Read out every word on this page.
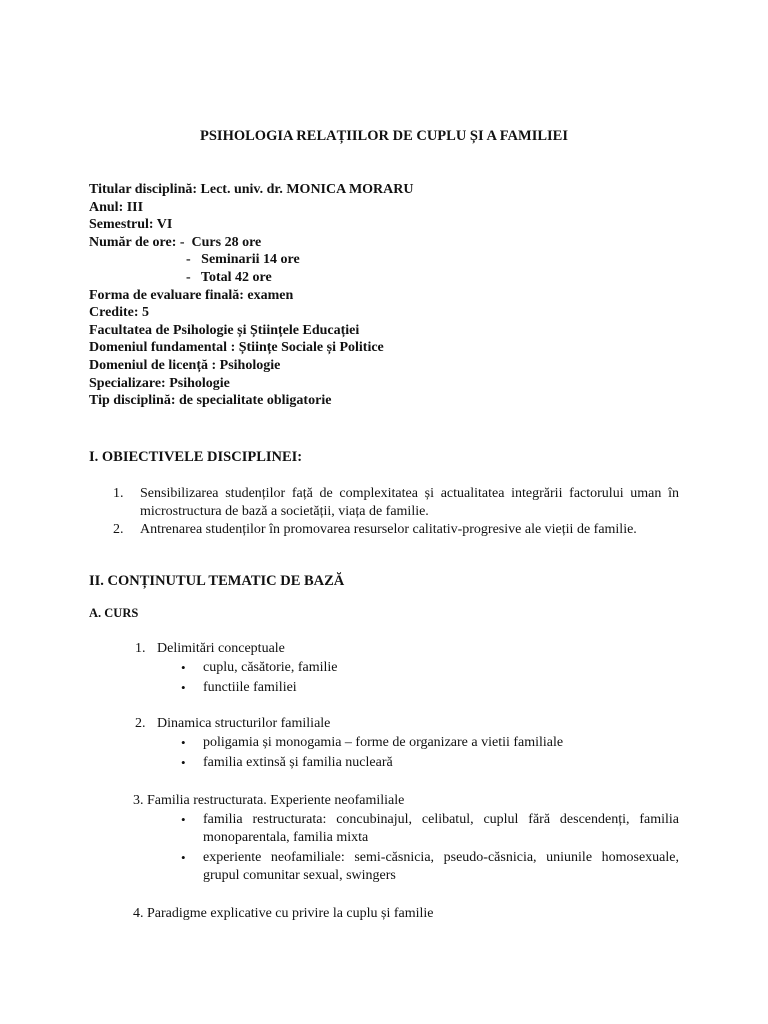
PSIHOLOGIA RELAȚIILOR DE CUPLU ȘI A FAMILIEI
Titular disciplină: Lect. univ. dr. MONICA MORARU
Anul: III
Semestrul: VI
Număr de ore: -  Curs 28 ore
-   Seminarii 14 ore
-   Total 42 ore
Forma de evaluare finală: examen
Credite: 5
Facultatea de Psihologie și Științele Educației
Domeniul fundamental : Științe Sociale și Politice
Domeniul de licență : Psihologie
Specializare: Psihologie
Tip disciplină: de specialitate obligatorie
I. OBIECTIVELE DISCIPLINEI:
1. Sensibilizarea studenților față de complexitatea și actualitatea integrării factorului uman în microstructura de bază a societății, viața de familie.
2. Antrenarea studenților în promovarea resurselor calitativ-progresive ale vieții de familie.
II. CONȚINUTUL TEMATIC DE BAZĂ
A. CURS
1. Delimitări conceptuale
• cuplu, căsătorie, familie
• functiile familiei
2. Dinamica structurilor familiale
• poligamia și monogamia – forme de organizare a vietii familiale
• familia extinsă și familia nucleară
3. Familia restructurata. Experiente neofamiliale
• familia restructurata: concubinajul, celibatul, cuplul fără descendenți, familia monoparentala, familia mixta
• experiente neofamiliale: semi-căsnicia, pseudo-căsnicia, uniunile homosexuale, grupul comunitar sexual, swingers
4. Paradigme explicative cu privire la cuplu și familie
